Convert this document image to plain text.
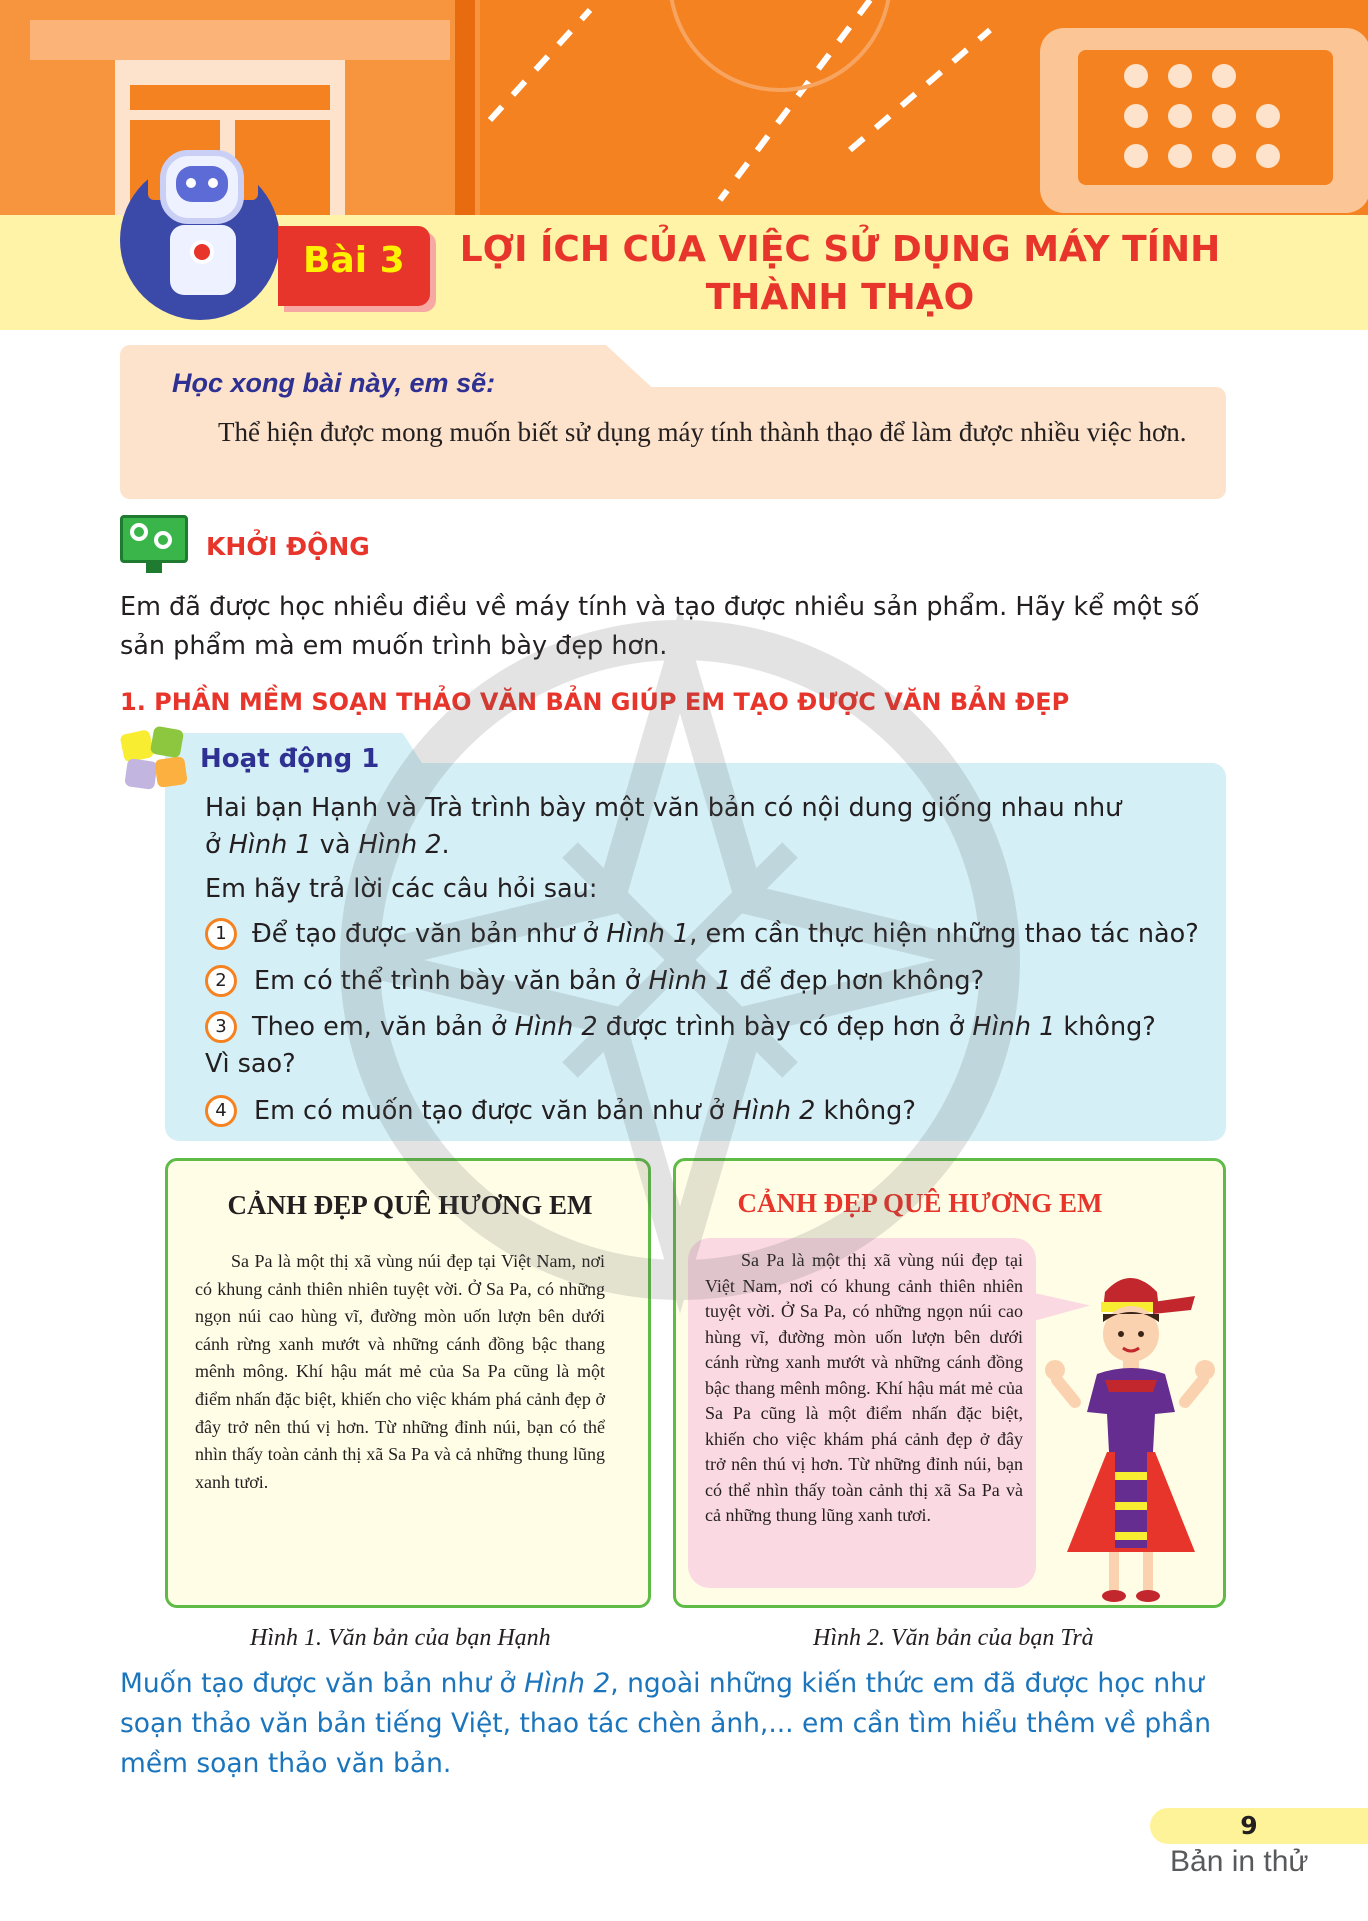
Bài 3	LỢI ÍCH CỦA VIỆC SỬ DỤNG MÁY TÍNH
THÀNH THẠO
Học xong bài này, em sẽ:
Thể hiện được mong muốn biết sử dụng máy tính thành thạo để làm được nhiều việc hơn.
KHỞI ĐỘNG
Em đã được học nhiều điều về máy tính và tạo được nhiều sản phẩm. Hãy kể một số sản phẩm mà em muốn trình bày đẹp hơn.
1. PHẦN MỀM SOẠN THẢO VĂN BẢN GIÚP EM TẠO ĐƯỢC VĂN BẢN ĐẸP
Hoạt động 1
Hai bạn Hạnh và Trà trình bày một văn bản có nội dung giống nhau như
ở Hình 1 và Hình 2.
Em hãy trả lời các câu hỏi sau:
1 Để tạo được văn bản như ở Hình 1, em cần thực hiện những thao tác nào?
2	Em có thể trình bày văn bản ở Hình 1 để đẹp hơn không?
3 Theo em, văn bản ở Hình 2 được trình bày có đẹp hơn ở Hình 1 không?
Vì sao?
4	Em có muốn tạo được văn bản như ở Hình 2 không?
CẢNH ĐẸP QUÊ HƯƠNG EM
Sa Pa là một thị xã vùng núi đẹp tại Việt Nam, nơi có khung cảnh thiên nhiên tuyệt vời. Ở Sa Pa, có những ngọn núi cao hùng vĩ, đường mòn uốn lượn bên dưới cánh rừng xanh mướt và những cánh đồng bậc thang mênh mông. Khí hậu mát mẻ của Sa Pa cũng là một điểm nhấn đặc biệt, khiến cho việc khám phá cảnh đẹp ở đây trở nên thú vị hơn. Từ những đỉnh núi, bạn có thể nhìn thấy toàn cảnh thị xã Sa Pa và cả những thung lũng xanh tươi.
CẢNH ĐẸP QUÊ HƯƠNG EM
Sa Pa là một thị xã vùng núi đẹp tại Việt Nam, nơi có khung cảnh thiên nhiên tuyệt vời. Ở Sa Pa, có những ngọn núi cao hùng vĩ, đường mòn uốn lượn bên dưới cánh rừng xanh mướt và những cánh đồng bậc thang mênh mông. Khí hậu mát mẻ của Sa Pa cũng là một điểm nhấn đặc biệt, khiến cho việc khám phá cảnh đẹp ở đây trở nên thú vị hơn. Từ những đỉnh núi, bạn có thể nhìn thấy toàn cảnh thị xã Sa Pa và cả những thung lũng xanh tươi.
Hình 1. Văn bản của bạn Hạnh	Hình 2. Văn bản của bạn Trà
Muốn tạo được văn bản như ở Hình 2, ngoài những kiến thức em đã được học như soạn thảo văn bản tiếng Việt, thao tác chèn ảnh,... em cần tìm hiểu thêm về phần mềm soạn thảo văn bản.
9
Bản in thử
